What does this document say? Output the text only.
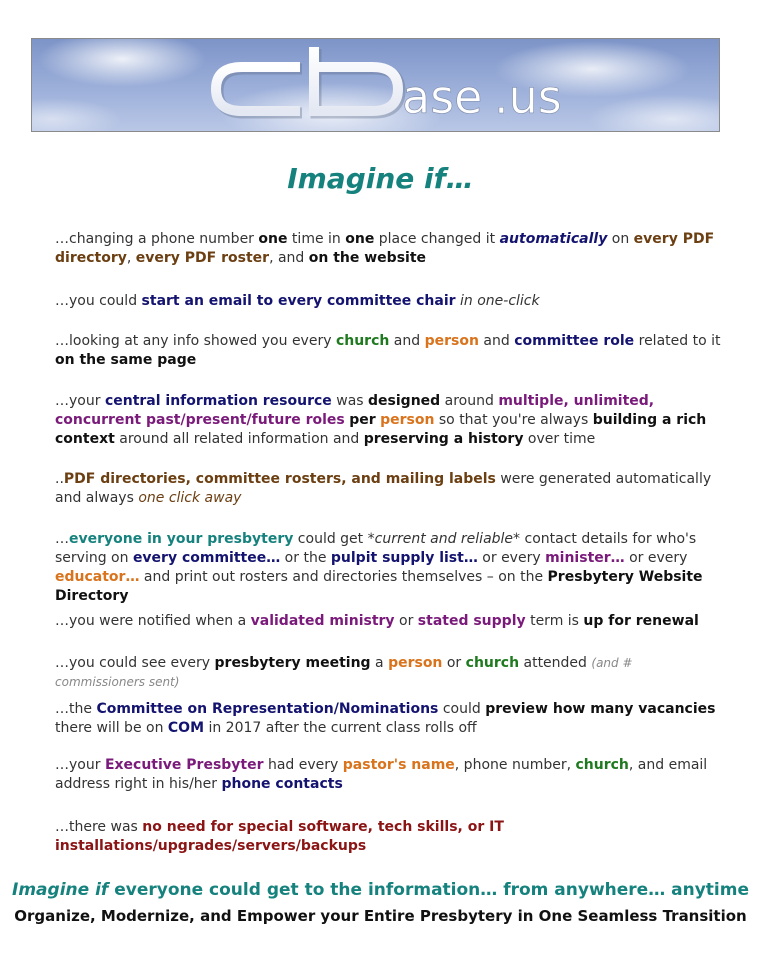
ase .us
Imagine if…

…changing a phone number one time in one place changed it automatically on every PDF directory, every PDF roster, and on the website

…you could start an email to every committee chair in one-click

…looking at any info showed you every church and person and committee role related to it on the same page

…your central information resource was designed around multiple, unlimited, concurrent past/present/future roles per person so that you're always building a rich context around all related information and preserving a history over time

..PDF directories, committee rosters, and mailing labels were generated automatically and always one click away

…everyone in your presbytery could get *current and reliable* contact details for who's serving on every committee… or the pulpit supply list… or every minister… or every educator… and print out rosters and directories themselves – on the Presbytery Website Directory

…you were notified when a validated ministry or stated supply term is up for renewal

…you could see every presbytery meeting a person or church attended (and # commissioners sent)

…the Committee on Representation/Nominations could preview how many vacancies there will be on COM in 2017 after the current class rolls off

…your Executive Presbyter had every pastor's name, phone number, church, and email address right in his/her phone contacts

…there was no need for special software, tech skills, or IT installations/upgrades/servers/backups

Imagine if everyone could get to the information… from anywhere… anytime

Organize, Modernize, and Empower your Entire Presbytery in One Seamless Transition
